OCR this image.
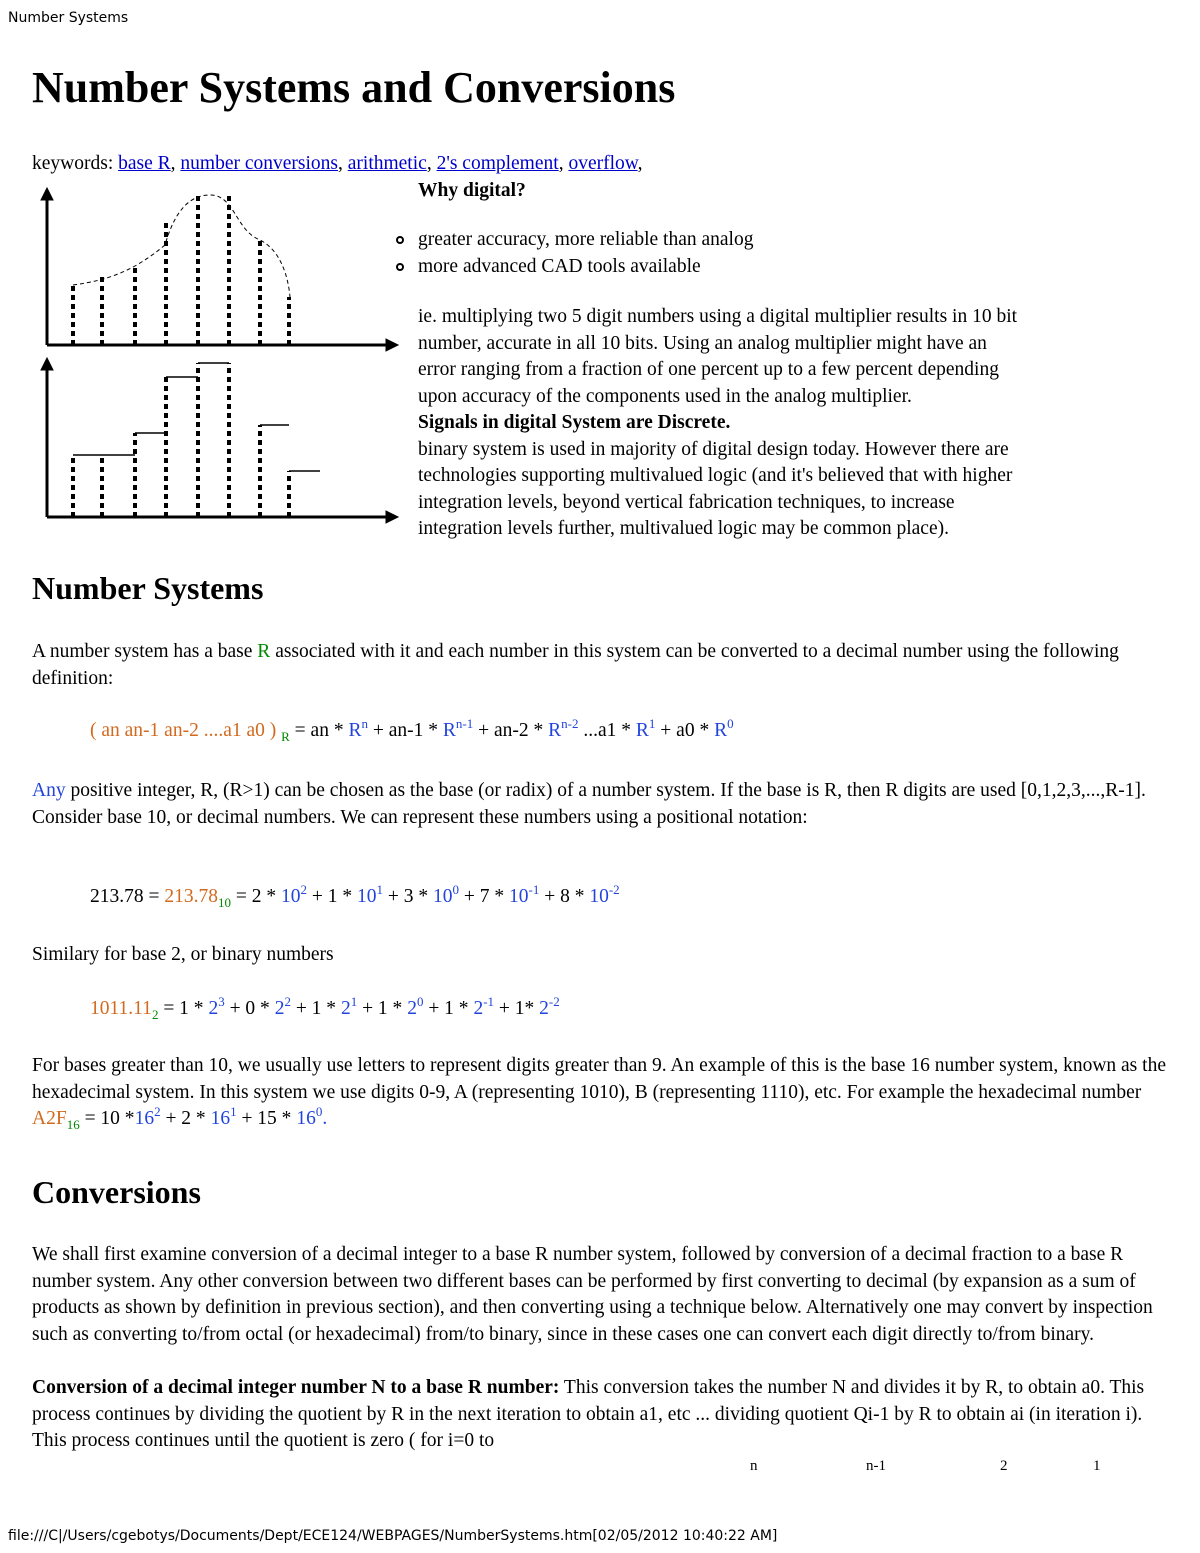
Number Systems
Number Systems and Conversions
keywords: base R, number conversions, arithmetic, 2's complement, overflow,
Why digital?
greater accuracy, more reliable than analog
more advanced CAD tools available
ie. multiplying two 5 digit numbers using a digital multiplier results in 10 bit
number, accurate in all 10 bits. Using an analog multiplier might have an
error ranging from a fraction of one percent up to a few percent depending
upon accuracy of the components used in the analog multiplier.
Signals in digital System are Discrete.
binary system is used in majority of digital design today. However there are
technologies supporting multivalued logic (and it's believed that with higher
integration levels, beyond vertical fabrication techniques, to increase
integration levels further, multivalued logic may be common place).
Number Systems

A number system has a base R associated with it and each number in this system can be converted to a decimal number using the following definition:

( an an-1 an-2 ....a1 a0 ) $_R$ = an * $R^n + an-1 * R^{n-1} + an-2 * R^{n-2}$ $...a1 * R^1 + a0 * R^0$

Any positive integer, R, (R>1) can be chosen as the base (or radix) of a number system. If the base is R, then R digits are used [0,1,2,3,...,R-1].
Consider base 10, or decimal numbers. We can represent these numbers using a positional notation:

$213.78 = 213.78_{10} = 2 * 10^2 + 1 * 10^1 + 3 * 10^0 + 7 * 10^{-1} + 8 * 10^{-2}$

Similary for base 2, or binary numbers

$1011.11_2 = 1 * 2^3 + 0 * 2^2 + 1 * 2^1 + 1 * 2^0 + 1 * 2^{-1} + 1*$ $2^{-2}$

For bases greater than 10, we usually use letters to represent digits greater than 9. An example of this is the base 16 number system, known as the hexadecimal system. In this system we use digits 0-9, A (representing 1010), B (representing 1110), etc. For example the hexadecimal number $A2F_{16} = 10$ $*16^2 + 2 * 16^1 + 15 * 16^0$.

Conversions

We shall first examine conversion of a decimal integer to a base R number system, followed by conversion of a decimal fraction to a base R number system. Any other conversion between two different bases can be performed by first converting to decimal (by expansion as a sum of products as shown by definition in previous section), and then converting using a technique below. Alternatively one may convert by inspection such as converting to/from octal (or hexadecimal) from/to binary, since in these cases one can convert each digit directly to/from binary.

Conversion of a decimal integer number N to a base R number: This conversion takes the number N and divides it by R, to obtain a0. This process continues by dividing the quotient by R in the next iteration to obtain a1, etc ... dividing quotient Qi-1 by R to obtain ai (in iteration i). This process continues until the quotient is zero ( for i=0 to

n	n-1	2	1
file:///C|/Users/cgebotys/Documents/Dept/ECE124/WEBPAGES/NumberSystems.htm[02/05/2012 10:40:22 AM]
